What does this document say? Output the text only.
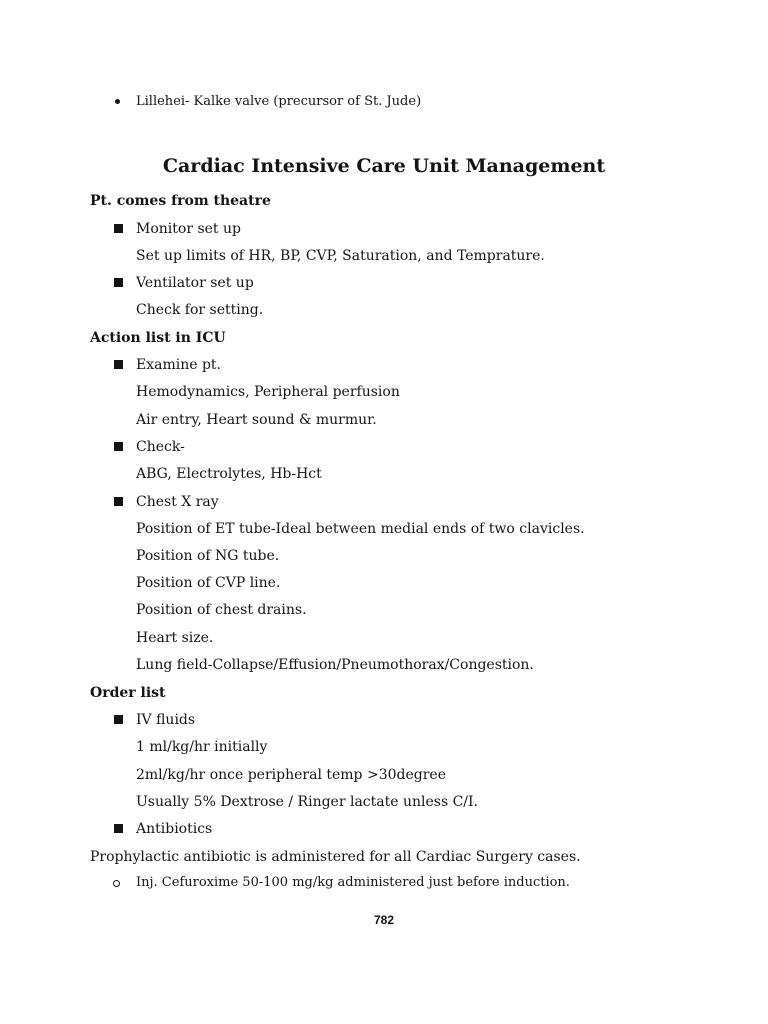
Lillehei- Kalke valve (precursor of St. Jude)
Cardiac Intensive Care Unit Management
Pt. comes from theatre
Monitor set up
Set up limits of HR, BP, CVP, Saturation, and Temprature.
Ventilator set up
Check for setting.
Action list in ICU
Examine pt.
Hemodynamics, Peripheral perfusion
Air entry, Heart sound & murmur.
Check-
ABG, Electrolytes, Hb-Hct
Chest X ray
Position of ET tube-Ideal between medial ends of two clavicles.
Position of NG tube.
Position of CVP line.
Position of chest drains.
Heart size.
Lung field-Collapse/Effusion/Pneumothorax/Congestion.
Order list
IV fluids
1 ml/kg/hr initially
2ml/kg/hr once peripheral temp >30degree
Usually 5% Dextrose / Ringer lactate unless C/I.
Antibiotics
Prophylactic antibiotic is administered for all Cardiac Surgery cases.
Inj. Cefuroxime 50-100 mg/kg administered just before induction.
782
